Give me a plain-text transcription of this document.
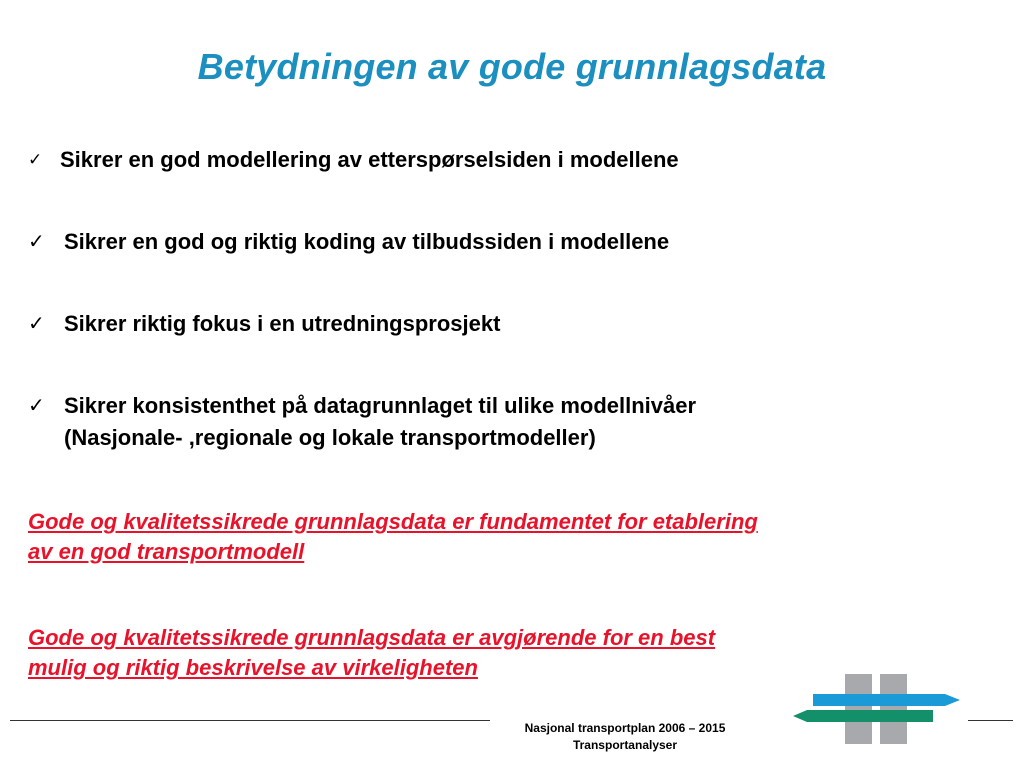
Betydningen av gode grunnlagsdata
✓ Sikrer en god modellering av etterspørselsiden i modellene
✓ Sikrer en god og riktig koding av tilbudssiden i modellene
✓ Sikrer riktig fokus i en utredningsprosjekt
✓ Sikrer konsistenthet på datagrunnlaget til ulike modellnivåer
(Nasjonale- ,regionale og lokale transportmodeller)
Gode og kvalitetssikrede grunnlagsdata er fundamentet for etablering
av en god transportmodell
Gode og kvalitetssikrede grunnlagsdata er avgjørende for en best
mulig og riktig beskrivelse av virkeligheten
Nasjonal transportplan 2006 – 2015
Transportanalyser
